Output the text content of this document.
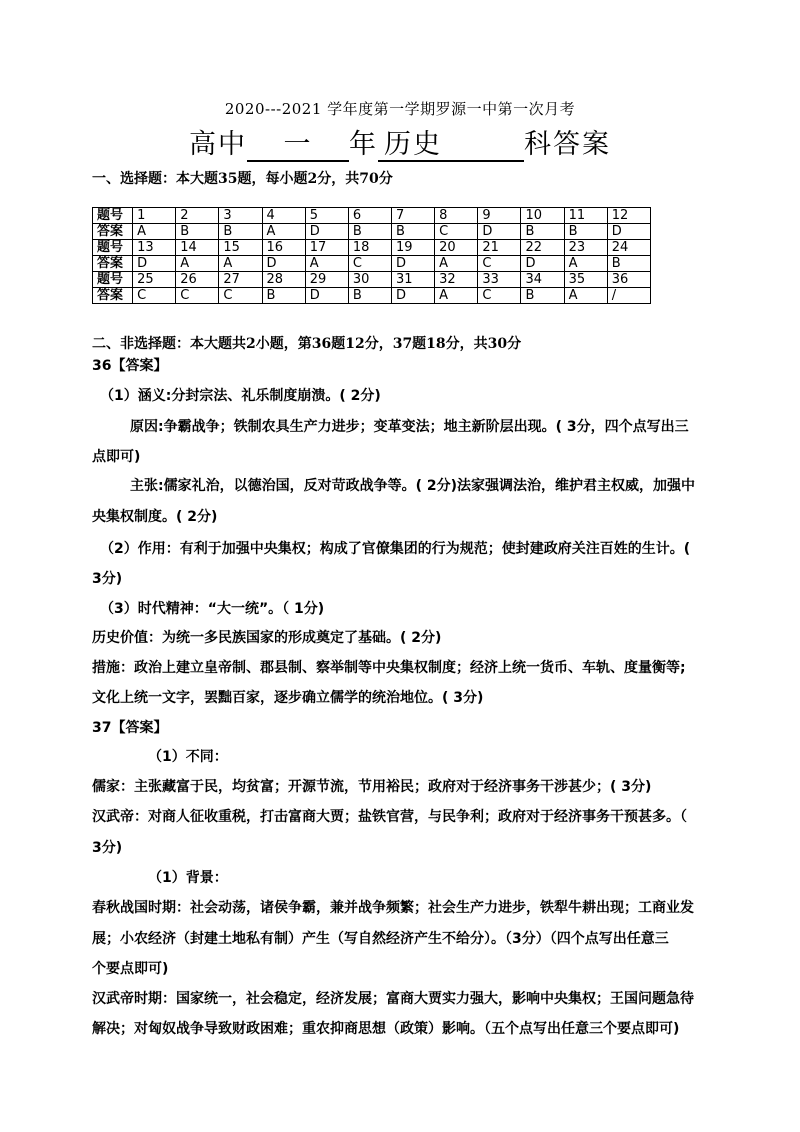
2020---2021 学年度第一学期罗源一中第一次月考
高中 一 年 历史	科答案
一、选择题：本大题35题，每小题2分，共70分
题号	1	2	3	4	5	6	7	8	9	10	11	12
答案	A	B	B	A	D	B	B	C	D	B	B	D
题号	13	14	15	16	17	18	19	20	21	22	23	24
答案	D	A	A	D	A	C	D	A	C	D	A	B
题号	25	26	27	28	29	30	31	32	33	34	35	36
答案	C	C	C	B	D	B	D	A	C	B	A	/
二、非选择题：本大题共2小题，第36题12分，37题18分，共30分
36【答案】
（1）涵义:分封宗法、礼乐制度崩溃。( 2分)
原因:争霸战争；铁制农具生产力进步；变革变法；地主新阶层出现。( 3分，四个点写出三
点即可)
主张:儒家礼治，以德治国，反对苛政战争等。( 2分)法家强调法治，维护君主权威，加强中
央集权制度。( 2分)
（2）作用：有利于加强中央集权；构成了官僚集团的行为规范；使封建政府关注百姓的生计。(
3分)
（3）时代精神：“大一统”。（ 1分)
历史价值：为统一多民族国家的形成奠定了基础。( 2分)
措施：政治上建立皇帝制、郡县制、察举制等中央集权制度；经济上统一货币、车轨、度量衡等;
文化上统一文字，罢黜百家，逐步确立儒学的统治地位。( 3分)
37【答案】
（1）不同：
儒家：主张藏富于民，均贫富；开源节流，节用裕民；政府对于经济事务干涉甚少；( 3分)
汉武帝：对商人征收重税，打击富商大贾；盐铁官营，与民争利；政府对于经济事务干预甚多。（
3分)
（1）背景：
春秋战国时期：社会动荡，诸侯争霸，兼并战争频繁；社会生产力进步，铁犁牛耕出现；工商业发
展；小农经济（封建土地私有制）产生（写自然经济产生不给分）。（3分）（四个点写出任意三
个要点即可)
汉武帝时期：国家统一，社会稳定，经济发展；富商大贾实力强大，影响中央集权；王国问题急待
解决；对匈奴战争导致财政困难；重农抑商思想（政策）影响。（五个点写出任意三个要点即可)
